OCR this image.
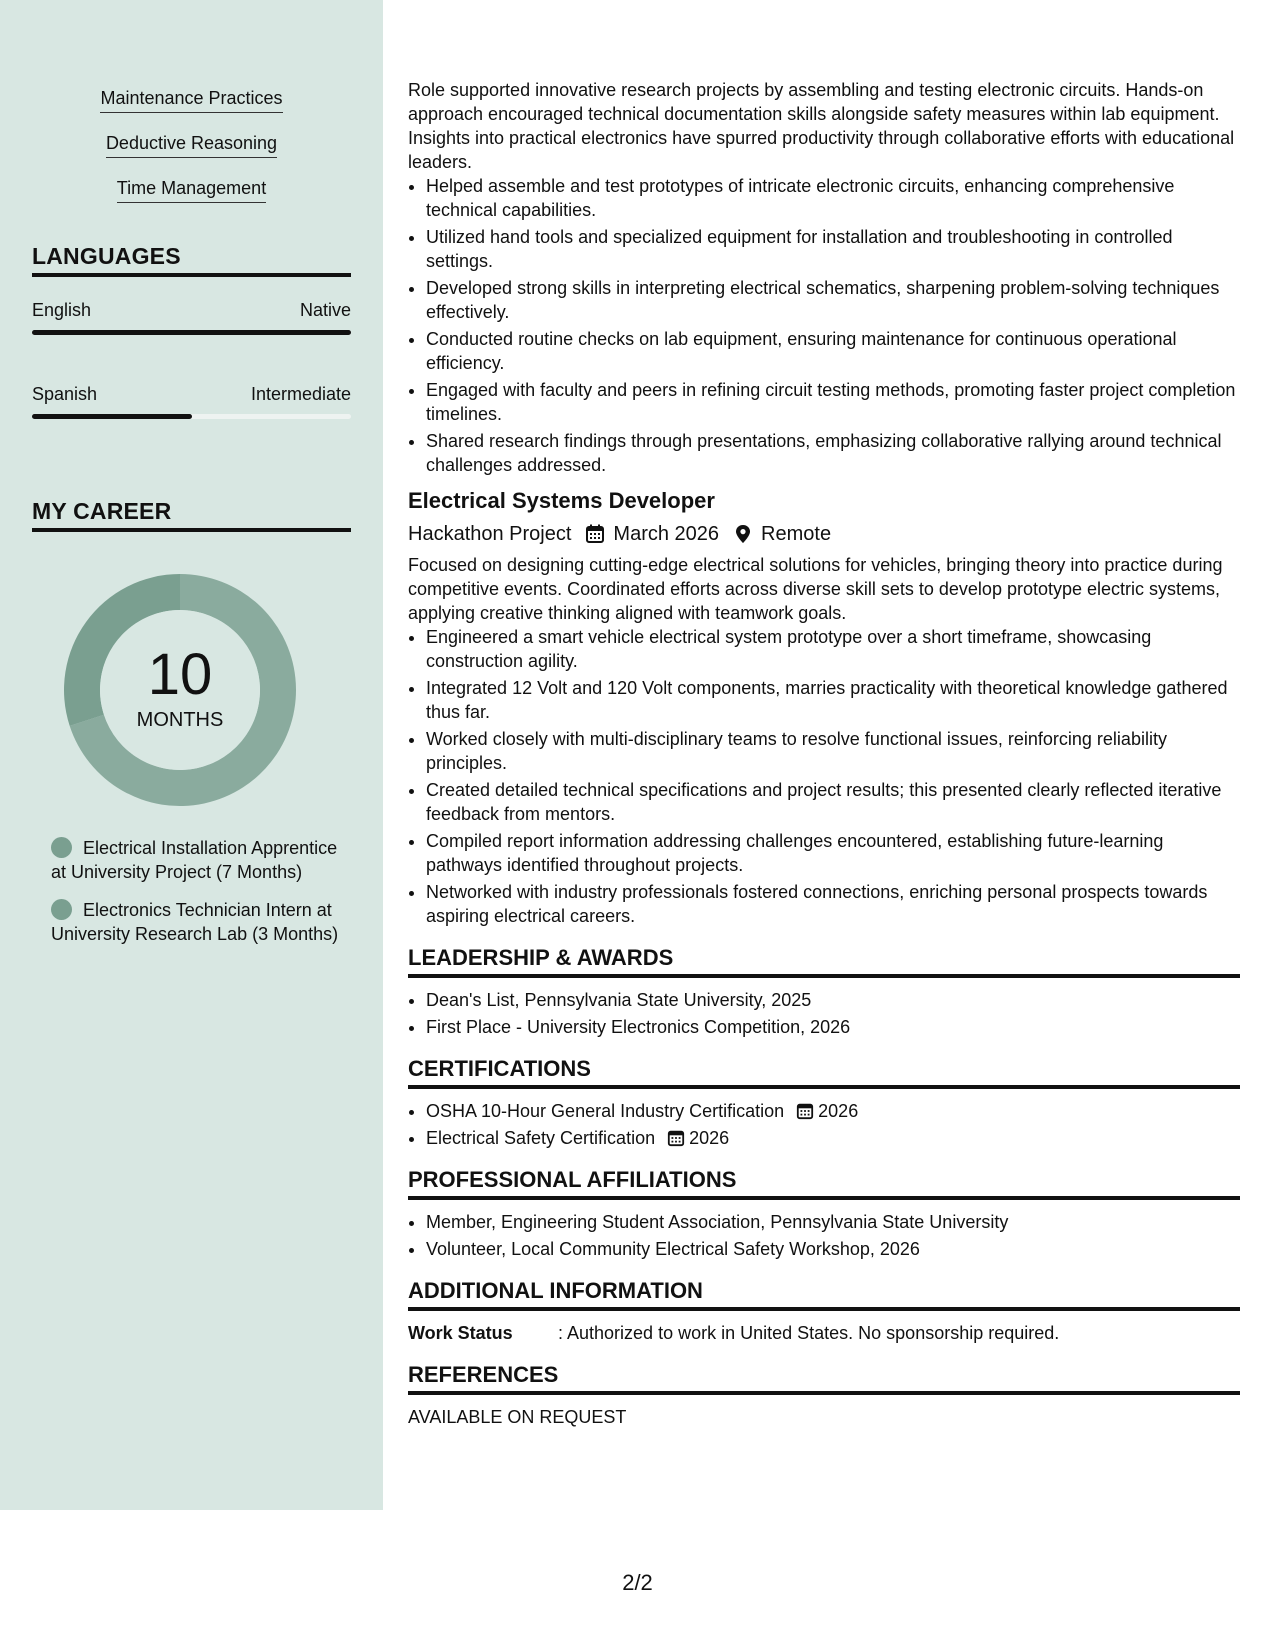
Maintenance Practices
Deductive Reasoning
Time Management
LANGUAGES
English	Native
Spanish	Intermediate
MY CAREER
10
MONTHS
Electrical Installation Apprentice at University Project (7 Months)
Electronics Technician Intern at University Research Lab (3 Months)

Role supported innovative research projects by assembling and testing electronic circuits. Hands-on approach encouraged technical documentation skills alongside safety measures within lab equipment. Insights into practical electronics have spurred productivity through collaborative efforts with educational leaders.

• Helped assemble and test prototypes of intricate electronic circuits, enhancing comprehensive technical capabilities.
• Utilized hand tools and specialized equipment for installation and troubleshooting in controlled settings.
• Developed strong skills in interpreting electrical schematics, sharpening problem-solving techniques effectively.
• Conducted routine checks on lab equipment, ensuring maintenance for continuous operational efficiency.
• Engaged with faculty and peers in refining circuit testing methods, promoting faster project completion timelines.
• Shared research findings through presentations, emphasizing collaborative rallying around technical challenges addressed.
Electrical Systems Developer
Hackathon Project March 2026 Remote

Focused on designing cutting-edge electrical solutions for vehicles, bringing theory into practice during competitive events. Coordinated efforts across diverse skill sets to develop prototype electric systems, applying creative thinking aligned with teamwork goals.

• Engineered a smart vehicle electrical system prototype over a short timeframe, showcasing construction agility.
• Integrated 12 Volt and 120 Volt components, marries practicality with theoretical knowledge gathered thus far.
• Worked closely with multi-disciplinary teams to resolve functional issues, reinforcing reliability principles.
• Created detailed technical specifications and project results; this presented clearly reflected iterative feedback from mentors.
• Compiled report information addressing challenges encountered, establishing future-learning pathways identified throughout projects.
• Networked with industry professionals fostered connections, enriching personal prospects towards aspiring electrical careers.
LEADERSHIP & AWARDS
• Dean's List, Pennsylvania State University, 2025
• First Place - University Electronics Competition, 2026
CERTIFICATIONS
• OSHA 10-Hour General Industry Certification 2026
• Electrical Safety Certification 2026
PROFESSIONAL AFFILIATIONS
• Member, Engineering Student Association, Pennsylvania State University
• Volunteer, Local Community Electrical Safety Workshop, 2026
ADDITIONAL INFORMATION
Work Status	: Authorized to work in United States. No sponsorship required.
REFERENCES

AVAILABLE ON REQUEST

2/2
